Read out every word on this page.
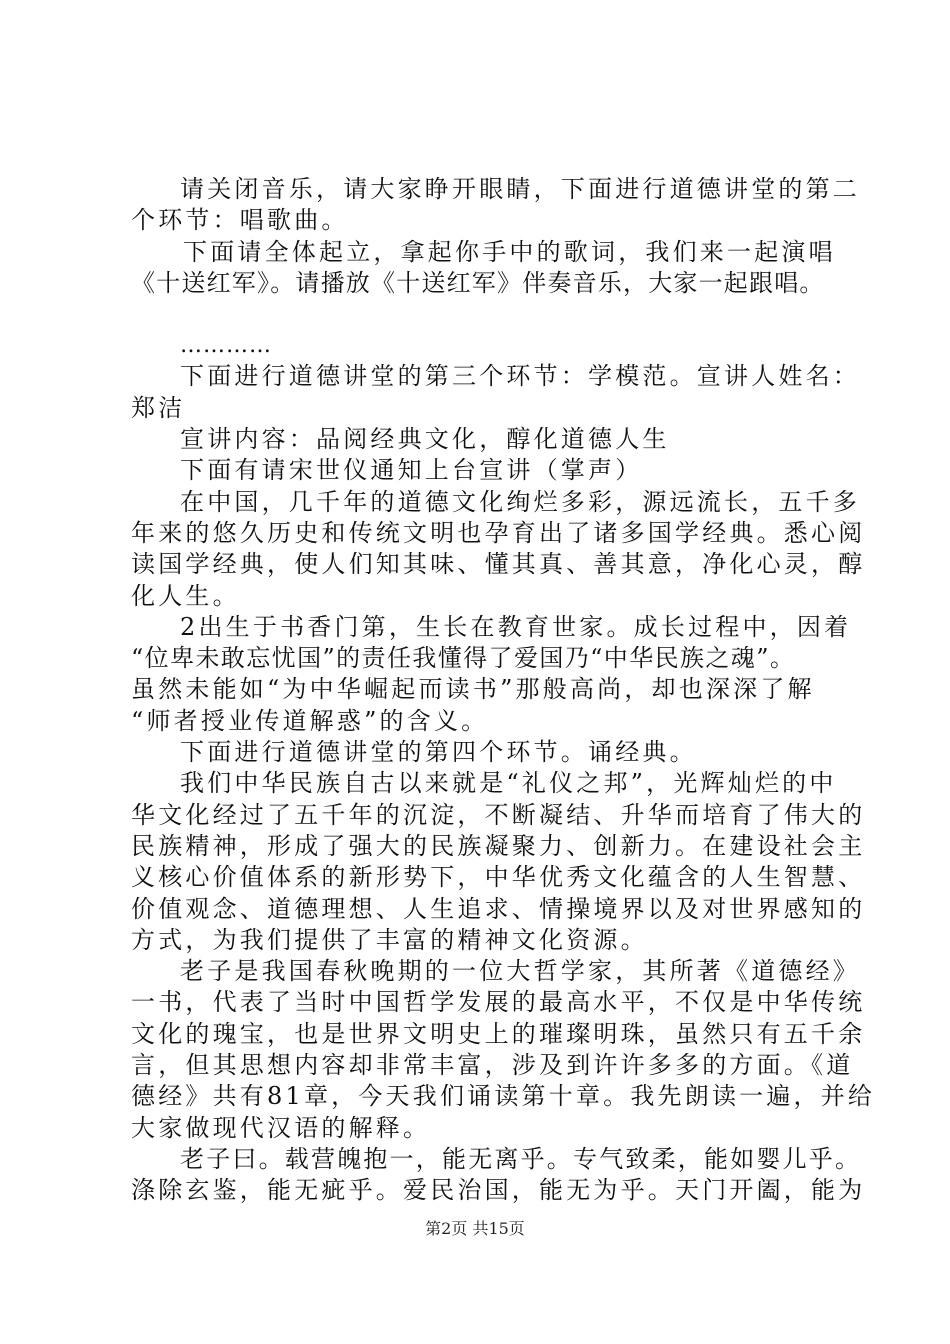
请关闭音乐，请大家睁开眼睛，下面进行道德讲堂的第二
个环节：唱歌曲。
下面请全体起立，拿起你手中的歌词，我们来一起演唱
《十送红军》。请播放《十送红军》伴奏音乐，大家一起跟唱。
…………
下面进行道德讲堂的第三个环节：学模范。宣讲人姓名：
郑洁
宣讲内容：品阅经典文化，醇化道德人生
下面有请宋世仪通知上台宣讲（掌声）
在中国，几千年的道德文化绚烂多彩，源远流长，五千多
年来的悠久历史和传统文明也孕育出了诸多国学经典。悉心阅
读国学经典，使人们知其味、懂其真、善其意，净化心灵，醇
化人生。
2出生于书香门第，生长在教育世家。成长过程中，因着
“位卑未敢忘忧国”的责任我懂得了爱国乃“中华民族之魂”。
虽然未能如“为中华崛起而读书”那般高尚，却也深深了解
“师者授业传道解惑”的含义。
下面进行道德讲堂的第四个环节。诵经典。
我们中华民族自古以来就是“礼仪之邦”，光辉灿烂的中
华文化经过了五千年的沉淀，不断凝结、升华而培育了伟大的
民族精神，形成了强大的民族凝聚力、创新力。在建设社会主
义核心价值体系的新形势下，中华优秀文化蕴含的人生智慧、
价值观念、道德理想、人生追求、情操境界以及对世界感知的
方式，为我们提供了丰富的精神文化资源。
老子是我国春秋晚期的一位大哲学家，其所著《道德经》
一书，代表了当时中国哲学发展的最高水平，不仅是中华传统
文化的瑰宝，也是世界文明史上的璀璨明珠，虽然只有五千余
言，但其思想内容却非常丰富，涉及到许许多多的方面。《道
德经》共有81章，今天我们诵读第十章。我先朗读一遍，并给
大家做现代汉语的解释。
老子曰。载营魄抱一，能无离乎。专气致柔，能如婴儿乎。
涤除玄鉴，能无疵乎。爱民治国，能无为乎。天门开阖，能为
第2页 共15页
